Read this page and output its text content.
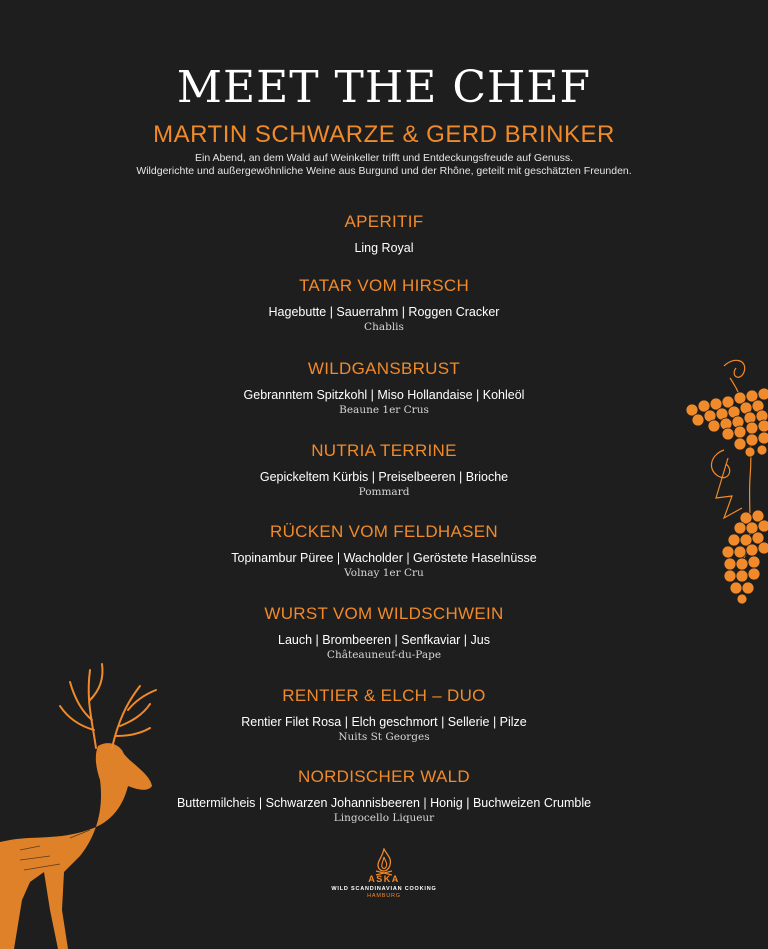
MEET THE CHEF
MARTIN SCHWARZE & GERD BRINKER
Ein Abend, an dem Wald auf Weinkeller trifft und Entdeckungsfreude auf Genuss.
Wildgerichte und außergewöhnliche Weine aus Burgund und der Rhône, geteilt mit geschätzten Freunden.
APERITIF
Ling Royal
TATAR VOM HIRSCH
Hagebutte | Sauerrahm | Roggen Cracker
Chablis
WILDGANSBRUST
Gebranntem Spitzkohl | Miso Hollandaise | Kohleöl
Beaune 1er Crus
NUTRIA TERRINE
Gepickeltem Kürbis | Preiselbeeren | Brioche
Pommard
RÜCKEN VOM FELDHASEN
Topinambur Püree | Wacholder | Geröstete Haselnüsse
Volnay 1er Cru
WURST VOM WILDSCHWEIN
Lauch | Brombeeren | Senfkaviar | Jus
Châteauneuf-du-Pape
RENTIER & ELCH – DUO
Rentier Filet Rosa | Elch geschmort | Sellerie | Pilze
Nuits St Georges
NORDISCHER WALD
Buttermilcheis | Schwarzen Johannisbeeren | Honig | Buchweizen Crumble
Lingocello Liqueur
ASKA
WILD SCANDINAVIAN COOKING
HAMBURG
